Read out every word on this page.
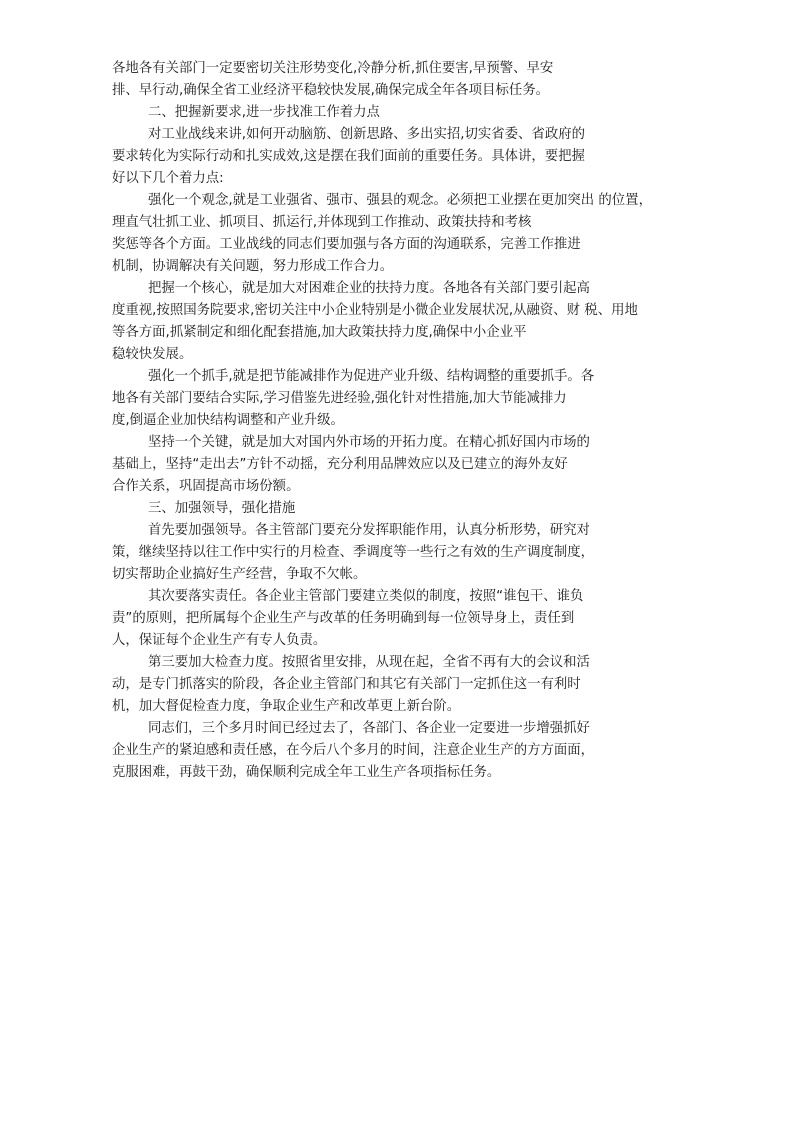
各地各有关部门一定要密切关注形势变化,冷静分析,抓住要害,早预警、早安
排、早行动,确保全省工业经济平稳较快发展,确保完成全年各项目标任务。
二、把握新要求,进一步找准工作着力点
对工业战线来讲,如何开动脑筋、创新思路、多出实招,切实省委、省政府的
要求转化为实际行动和扎实成效,这是摆在我们面前的重要任务。具体讲，要把握
好以下几个着力点:
强化一个观念,就是工业强省、强市、强县的观念。必须把工业摆在更加突出 的位置，
理直气壮抓工业、抓项目、抓运行,并体现到工作推动、政策扶持和考核
奖惩等各个方面。工业战线的同志们要加强与各方面的沟通联系，完善工作推进
机制，协调解决有关问题，努力形成工作合力。
把握一个核心，就是加大对困难企业的扶持力度。各地各有关部门要引起高
度重视,按照国务院要求,密切关注中小企业特别是小微企业发展状况,从融资、财 税、用地
等各方面,抓紧制定和细化配套措施,加大政策扶持力度,确保中小企业平
稳较快发展。
强化一个抓手,就是把节能减排作为促进产业升级、结构调整的重要抓手。各
地各有关部门要结合实际,学习借鉴先进经验,强化针对性措施,加大节能减排力
度,倒逼企业加快结构调整和产业升级。
坚持一个关键，就是加大对国内外市场的开拓力度。在精心抓好国内市场的
基础上，坚持“走出去”方针不动摇，充分利用品牌效应以及已建立的海外友好
合作关系，巩固提高市场份额。
三、加强领导，强化措施
首先要加强领导。各主管部门要充分发挥职能作用，认真分析形势，研究对
策，继续坚持以往工作中实行的月检查、季调度等一些行之有效的生产调度制度，
切实帮助企业搞好生产经营，争取不欠帐。
其次要落实责任。各企业主管部门要建立类似的制度，按照“谁包干、谁负
责”的原则，把所属每个企业生产与改革的任务明确到每一位领导身上，责任到
人，保证每个企业生产有专人负责。
第三要加大检查力度。按照省里安排，从现在起，全省不再有大的会议和活
动，是专门抓落实的阶段，各企业主管部门和其它有关部门一定抓住这一有利时
机，加大督促检查力度，争取企业生产和改革更上新台阶。
同志们，三个多月时间已经过去了，各部门、各企业一定要进一步增强抓好
企业生产的紧迫感和责任感，在今后八个多月的时间，注意企业生产的方方面面，
克服困难，再鼓干劲，确保顺利完成全年工业生产各项指标任务。
